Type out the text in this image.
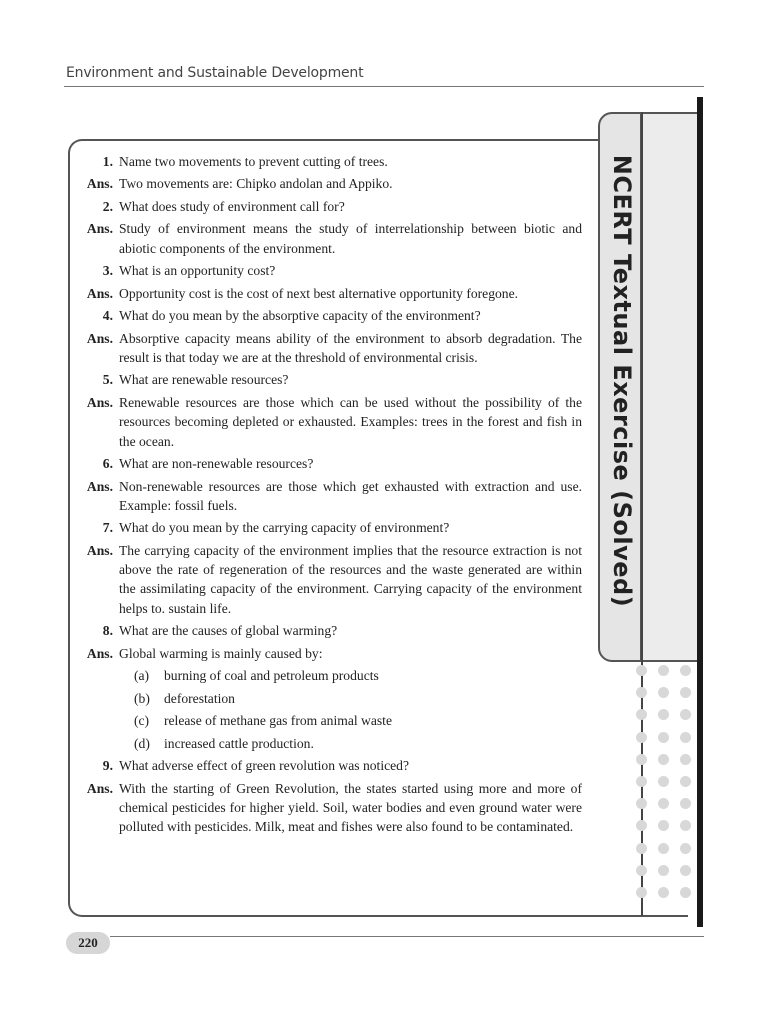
Environment and Sustainable Development
NCERT Textual Exercise (Solved)
1. Name two movements to prevent cutting of trees.
Ans. Two movements are: Chipko andolan and Appiko.
2. What does study of environment call for?
Ans. Study of environment means the study of interrelationship between biotic and abiotic components of the environment.
3. What is an opportunity cost?
Ans. Opportunity cost is the cost of next best alternative opportunity foregone.
4. What do you mean by the absorptive capacity of the environment?
Ans. Absorptive capacity means ability of the environment to absorb degradation. The result is that today we are at the threshold of environmental crisis.
5. What are renewable resources?
Ans. Renewable resources are those which can be used without the possibility of the resources becoming depleted or exhausted. Examples: trees in the forest and fish in the ocean.
6. What are non-renewable resources?
Ans. Non-renewable resources are those which get exhausted with extraction and use. Example: fossil fuels.
7. What do you mean by the carrying capacity of environment?
Ans. The carrying capacity of the environment implies that the resource extraction is not above the rate of regeneration of the resources and the waste generated are within the assimilating capacity of the environment. Carrying capacity of the environment helps to. sustain life.
8. What are the causes of global warming?
Ans. Global warming is mainly caused by:
(a)	burning of coal and petroleum products
(b)	deforestation
(c)	release of methane gas from animal waste
(d)	increased cattle production.
9. What adverse effect of green revolution was noticed?
Ans. With the starting of Green Revolution, the states started using more and more of chemical pesticides for higher yield. Soil, water bodies and even ground water were polluted with pesticides. Milk, meat and fishes were also found to be contaminated.
220
